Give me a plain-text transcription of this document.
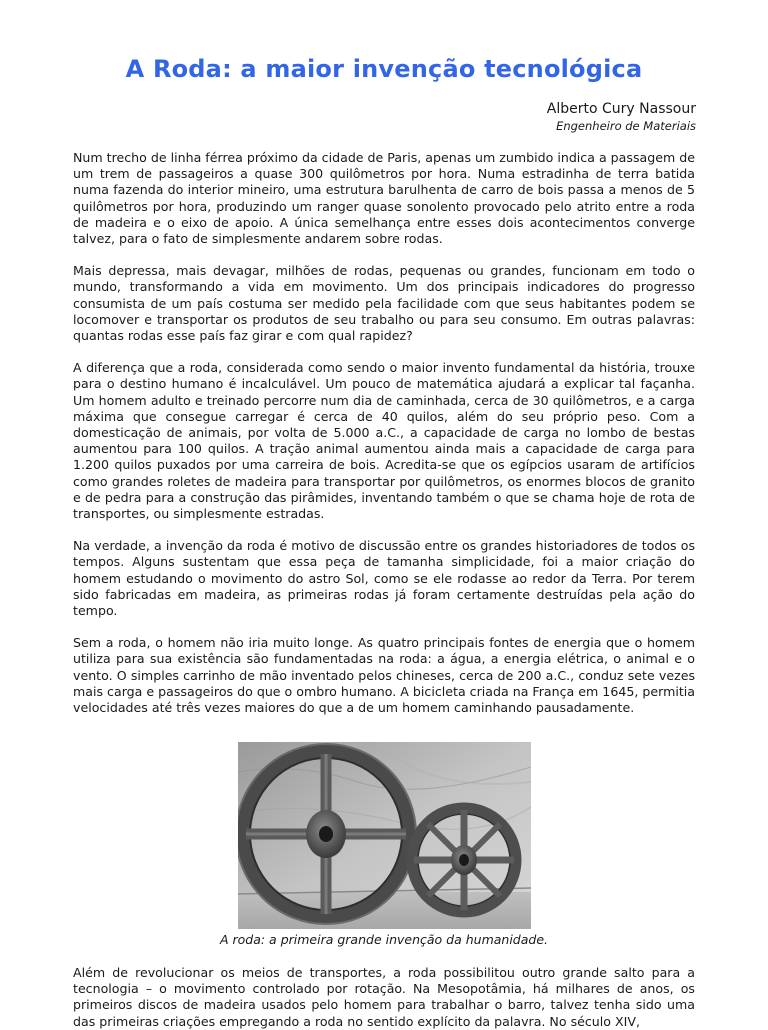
A Roda: a maior invenção tecnológica
Alberto Cury Nassour
Engenheiro de Materiais

Num trecho de linha férrea próximo da cidade de Paris, apenas um zumbido indica a passagem de um trem de passageiros a quase 300 quilômetros por hora. Numa estradinha de terra batida numa fazenda do interior mineiro, uma estrutura barulhenta de carro de bois passa a menos de 5 quilômetros por hora, produzindo um ranger quase sonolento provocado pelo atrito entre a roda de madeira e o eixo de apoio. A única semelhança entre esses dois acontecimentos converge talvez, para o fato de simplesmente andarem sobre rodas.

Mais depressa, mais devagar, milhões de rodas, pequenas ou grandes, funcionam em todo o mundo, transformando a vida em movimento. Um dos principais indicadores do progresso consumista de um país costuma ser medido pela facilidade com que seus habitantes podem se locomover e transportar os produtos de seu trabalho ou para seu consumo. Em outras palavras: quantas rodas esse país faz girar e com qual rapidez?

A diferença que a roda, considerada como sendo o maior invento fundamental da história, trouxe para o destino humano é incalculável. Um pouco de matemática ajudará a explicar tal façanha. Um homem adulto e treinado percorre num dia de caminhada, cerca de 30 quilômetros, e a carga máxima que consegue carregar é cerca de 40 quilos, além do seu próprio peso. Com a domesticação de animais, por volta de 5.000 a.C., a capacidade de carga no lombo de bestas aumentou para 100 quilos. A tração animal aumentou ainda mais a capacidade de carga para 1.200 quilos puxados por uma carreira de bois. Acredita-se que os egípcios usaram de artifícios como grandes roletes de madeira para transportar por quilômetros, os enormes blocos de granito e de pedra para a construção das pirâmides, inventando também o que se chama hoje de rota de transportes, ou simplesmente estradas.

Na verdade, a invenção da roda é motivo de discussão entre os grandes historiadores de todos os tempos. Alguns sustentam que essa peça de tamanha simplicidade, foi a maior criação do homem estudando o movimento do astro Sol, como se ele rodasse ao redor da Terra. Por terem sido fabricadas em madeira, as primeiras rodas já foram certamente destruídas pela ação do tempo.

Sem a roda, o homem não iria muito longe. As quatro principais fontes de energia que o homem utiliza para sua existência são fundamentadas na roda: a água, a energia elétrica, o animal e o vento. O simples carrinho de mão inventado pelos chineses, cerca de 200 a.C., conduz sete vezes mais carga e passageiros do que o ombro humano. A bicicleta criada na França em 1645, permitia velocidades até três vezes maiores do que a de um homem caminhando pausadamente.

A roda: a primeira grande invenção da humanidade.

Além de revolucionar os meios de transportes, a roda possibilitou outro grande salto para a tecnologia – o movimento controlado por rotação. Na Mesopotâmia, há milhares de anos, os primeiros discos de madeira usados pelo homem para trabalhar o barro, talvez tenha sido uma das primeiras criações empregando a roda no sentido explícito da palavra. No século XIV,
